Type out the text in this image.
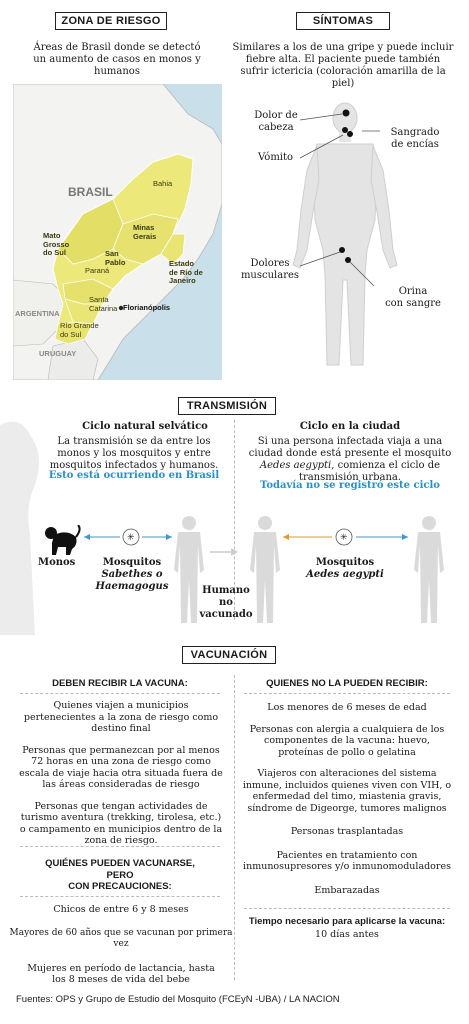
ZONA DE RIESGO
Áreas de Brasil donde se detectó un aumento de casos en monos y humanos
BRASIL
Bahia
Mato
Grosso
do Sul
Minas
Gerais
San
Pablo	Estado
de Río de
Janeiro
Paraná
Santa
Catarina Florianópolis
Río Grande
do Sul
ARGENTINA
URUGUAY
SÍNTOMAS
Similares a los de una gripe y puede incluir fiebre alta. El paciente puede también sufrir ictericia (coloración amarilla de la piel)
Dolor de
cabeza	Sangrado
de encías
Vómito
Dolores
musculares
Orina
con sangre
TRANSMISIÓN
Ciclo natural selvático
La transmisión se da entre los monos y los mosquitos y entre mosquitos infectados y humanos.
Esto está ocurriendo en Brasil
Ciclo en la ciudad
Si una persona infectada viaja a una ciudad donde está presente el mosquito Aedes aegypti, comienza el ciclo de transmisión urbana.
Todavía no se registró este ciclo
Monos
✳	✳
Mosquitos
Sabethes o
Haemagogus	Humano
no
vacunado
Mosquitos
Aedes aegypti
VACUNACIÓN
DEBEN RECIBIR LA VACUNA:

Quienes viajen a municipios pertenecientes a la zona de riesgo como destino final

Personas que permanezcan por al menos 72 horas en una zona de riesgo como escala de viaje hacia otra situada fuera de las áreas consideradas de riesgo

Personas que tengan actividades de turismo aventura (trekking, tirolesa, etc.) o campamento en municipios dentro de la zona de riesgo.

QUIÉNES PUEDEN VACUNARSE,
PERO
CON PRECAUCIONES:

Chicos de entre 6 y 8 meses

Mayores de 60 años que se vacunan por primera vez

Mujeres en período de lactancia, hasta los 8 meses de vida del bebe

QUIENES NO LA PUEDEN RECIBIR:

Los menores de 6 meses de edad

Personas con alergia a cualquiera de los componentes de la vacuna: huevo, proteínas de pollo o gelatina

Viajeros con alteraciones del sistema inmune, incluidos quienes viven con VIH, o enfermedad del timo, miastenia gravis, síndrome de Digeorge, tumores malignos

Personas trasplantadas

Pacientes en tratamiento con inmunosupresores y/o inmunomoduladores

Embarazadas

Tiempo necesario para aplicarse la vacuna:
10 días antes
Fuentes: OPS y Grupo de Estudio del Mosquito (FCEyN -UBA) / LA NACION
